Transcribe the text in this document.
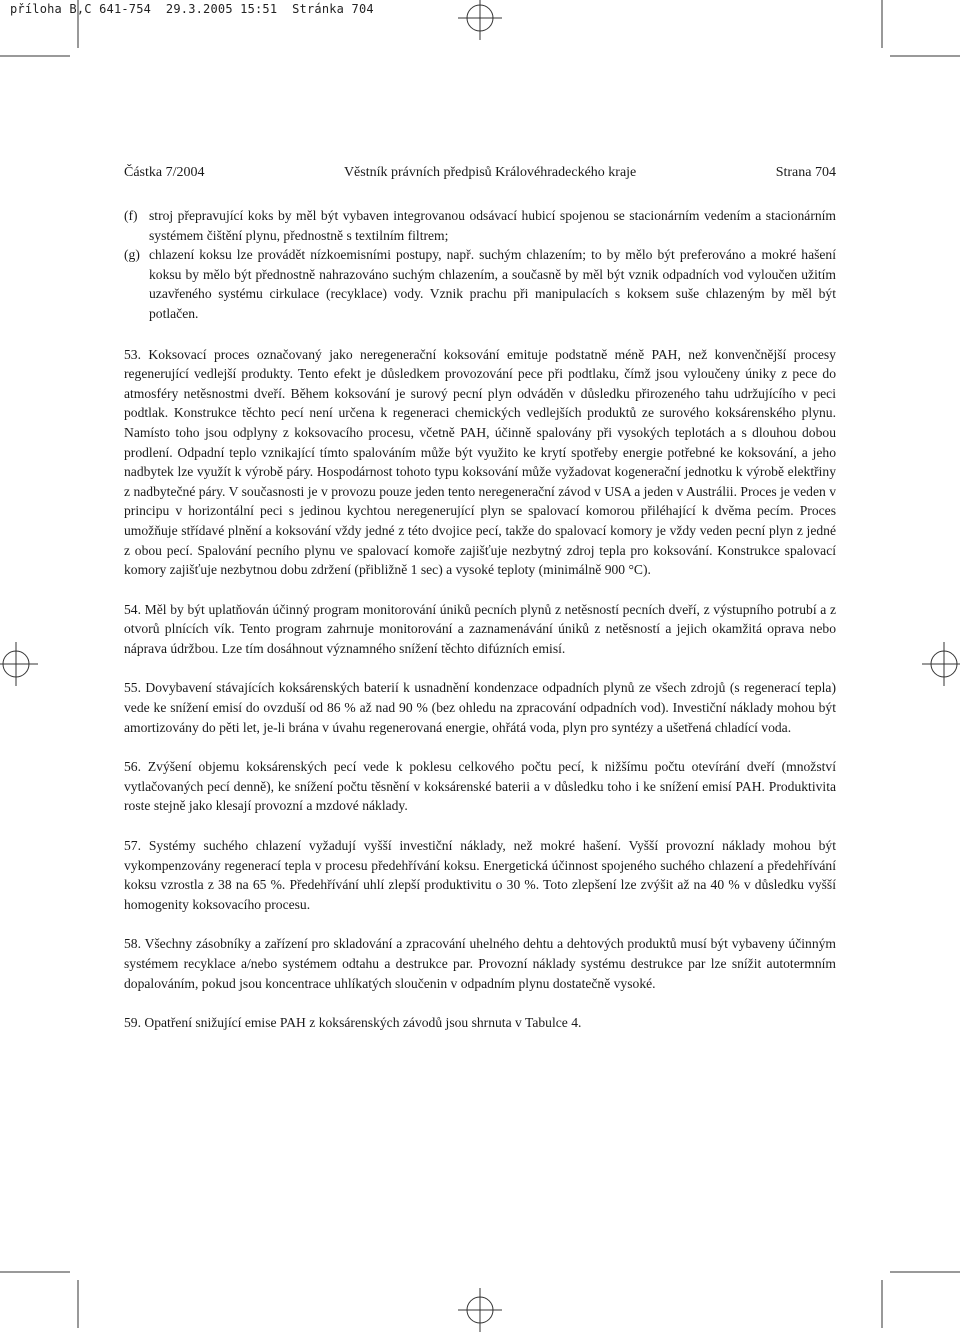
příloha B,C 641-754  29.3.2005 15:51  Stránka 704
Částka 7/2004	Věstník právních předpisů Královéhradeckého kraje	Strana 704
(f) stroj přepravující koks by měl být vybaven integrovanou odsávací hubicí spojenou se stacionárním vedením a stacionárním systémem čištění plynu, přednostně s textilním filtrem;
(g) chlazení koksu lze provádět nízkoemisními postupy, např. suchým chlazením; to by mělo být preferováno a mokré hašení koksu by mělo být přednostně nahrazováno suchým chlazením, a současně by měl být vznik odpadních vod vyloučen užitím uzavřeného systému cirkulace (recyklace) vody. Vznik prachu při manipulacích s koksem suše chlazeným by měl být potlačen.

53. Koksovací proces označovaný jako neregenerační koksování emituje podstatně méně PAH, než konvenčnější procesy regenerující vedlejší produkty. Tento efekt je důsledkem provozování pece při podtlaku, čímž jsou vyloučeny úniky z pece do atmosféry netěsnostmi dveří. Během koksování je surový pecní plyn odváděn v důsledku přirozeného tahu udržujícího v peci podtlak. Konstrukce těchto pecí není určena k regeneraci chemických vedlejších produktů ze surového koksárenského plynu. Namísto toho jsou odplyny z koksovacího procesu, včetně PAH, účinně spalovány při vysokých teplotách a s dlouhou dobou prodlení. Odpadní teplo vznikající tímto spalováním může být využito ke krytí spotřeby energie potřebné ke koksování, a jeho nadbytek lze využít k výrobě páry. Hospodárnost tohoto typu koksování může vyžadovat kogenerační jednotku k výrobě elektřiny z nadbytečné páry. V současnosti je v provozu pouze jeden tento neregenerační závod v USA a jeden v Austrálii. Proces je veden v principu v horizontální peci s jedinou kychtou neregenerující plyn se spalovací komorou přiléhající k dvěma pecím. Proces umožňuje střídavé plnění a koksování vždy jedné z této dvojice pecí, takže do spalovací komory je vždy veden pecní plyn z jedné z obou pecí. Spalování pecního plynu ve spalovací komoře zajišťuje nezbytný zdroj tepla pro koksování. Konstrukce spalovací komory zajišťuje nezbytnou dobu zdržení (přibližně 1 sec) a vysoké teploty (minimálně 900 °C).

54. Měl by být uplatňován účinný program monitorování úniků pecních plynů z netěsností pecních dveří, z výstupního potrubí a z otvorů plnících vík. Tento program zahrnuje monitorování a zaznamenávání úniků z netěsností a jejich okamžitá oprava nebo náprava údržbou. Lze tím dosáhnout významného snížení těchto difúzních emisí.

55. Dovybavení stávajících koksárenských baterií k usnadnění kondenzace odpadních plynů ze všech zdrojů (s regenerací tepla) vede ke snížení emisí do ovzduší od 86 % až nad 90 % (bez ohledu na zpracování odpadních vod). Investiční náklady mohou být amortizovány do pěti let, je-li brána v úvahu regenerovaná energie, ohřátá voda, plyn pro syntézy a ušetřená chladící voda.

56. Zvýšení objemu koksárenských pecí vede k poklesu celkového počtu pecí, k nižšímu počtu otevírání dveří (množství vytlačovaných pecí denně), ke snížení počtu těsnění v koksárenské baterii a v důsledku toho i ke snížení emisí PAH. Produktivita roste stejně jako klesají provozní a mzdové náklady.

57. Systémy suchého chlazení vyžadují vyšší investiční náklady, než mokré hašení. Vyšší provozní náklady mohou být vykompenzovány regenerací tepla v procesu předehřívání koksu. Energetická účinnost spojeného suchého chlazení a předehřívání koksu vzrostla z 38 na 65 %. Předehřívání uhlí zlepší produktivitu o 30 %. Toto zlepšení lze zvýšit až na 40 % v důsledku vyšší homogenity koksovacího procesu.

58. Všechny zásobníky a zařízení pro skladování a zpracování uhelného dehtu a dehtových produktů musí být vybaveny účinným systémem recyklace a/nebo systémem odtahu a destrukce par. Provozní náklady systému destrukce par lze snížit autotermním dopalováním, pokud jsou koncentrace uhlíkatých sloučenin v odpadním plynu dostatečně vysoké.

59. Opatření snižující emise PAH z koksárenských závodů jsou shrnuta v Tabulce 4.
